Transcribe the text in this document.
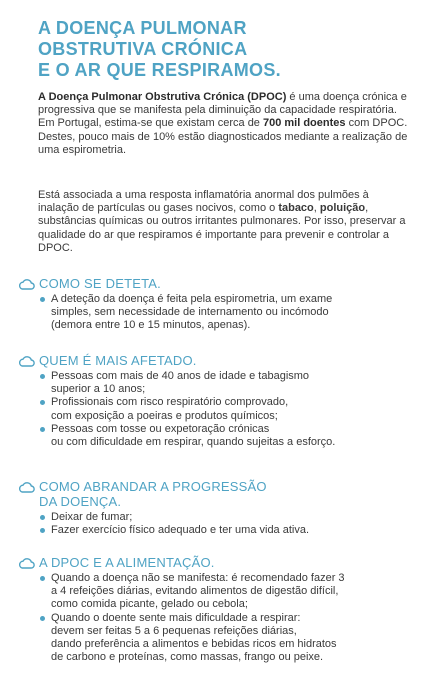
A DOENÇA PULMONAR
OBSTRUTIVA CRÓNICA
E O AR QUE RESPIRAMOS.

A Doença Pulmonar Obstrutiva Crónica (DPOC) é uma doença crónica e progressiva que se manifesta pela diminuição da capacidade respiratória. Em Portugal, estima-se que existam cerca de 700 mil doentes com DPOC. Destes, pouco mais de 10% estão diagnosticados mediante a realização de uma espirometria.

Está associada a uma resposta inflamatória anormal dos pulmões à inalação de partículas ou gases nocivos, como o tabaco, poluição, substâncias químicas ou outros irritantes pulmonares. Por isso, preservar a qualidade do ar que respiramos é importante para prevenir e controlar a DPOC.

COMO SE DETETA.
A deteção da doença é feita pela espirometria, um exame
simples, sem necessidade de internamento ou incómodo
(demora entre 10 e 15 minutos, apenas).
QUEM É MAIS AFETADO.
Pessoas com mais de 40 anos de idade e tabagismo
superior a 10 anos;
Profissionais com risco respiratório comprovado,
com exposição a poeiras e produtos químicos;
Pessoas com tosse ou expetoração crónicas
ou com dificuldade em respirar, quando sujeitas a esforço.
COMO ABRANDAR A PROGRESSÃO
DA DOENÇA.
Deixar de fumar;
Fazer exercício físico adequado e ter uma vida ativa.
A DPOC E A ALIMENTAÇÃO.
Quando a doença não se manifesta: é recomendado fazer 3
a 4 refeições diárias, evitando alimentos de digestão difícil,
como comida picante, gelado ou cebola;
Quando o doente sente mais dificuldade a respirar:
devem ser feitas 5 a 6 pequenas refeições diárias,
dando preferência a alimentos e bebidas ricos em hidratos
de carbono e proteínas, como massas, frango ou peixe.
